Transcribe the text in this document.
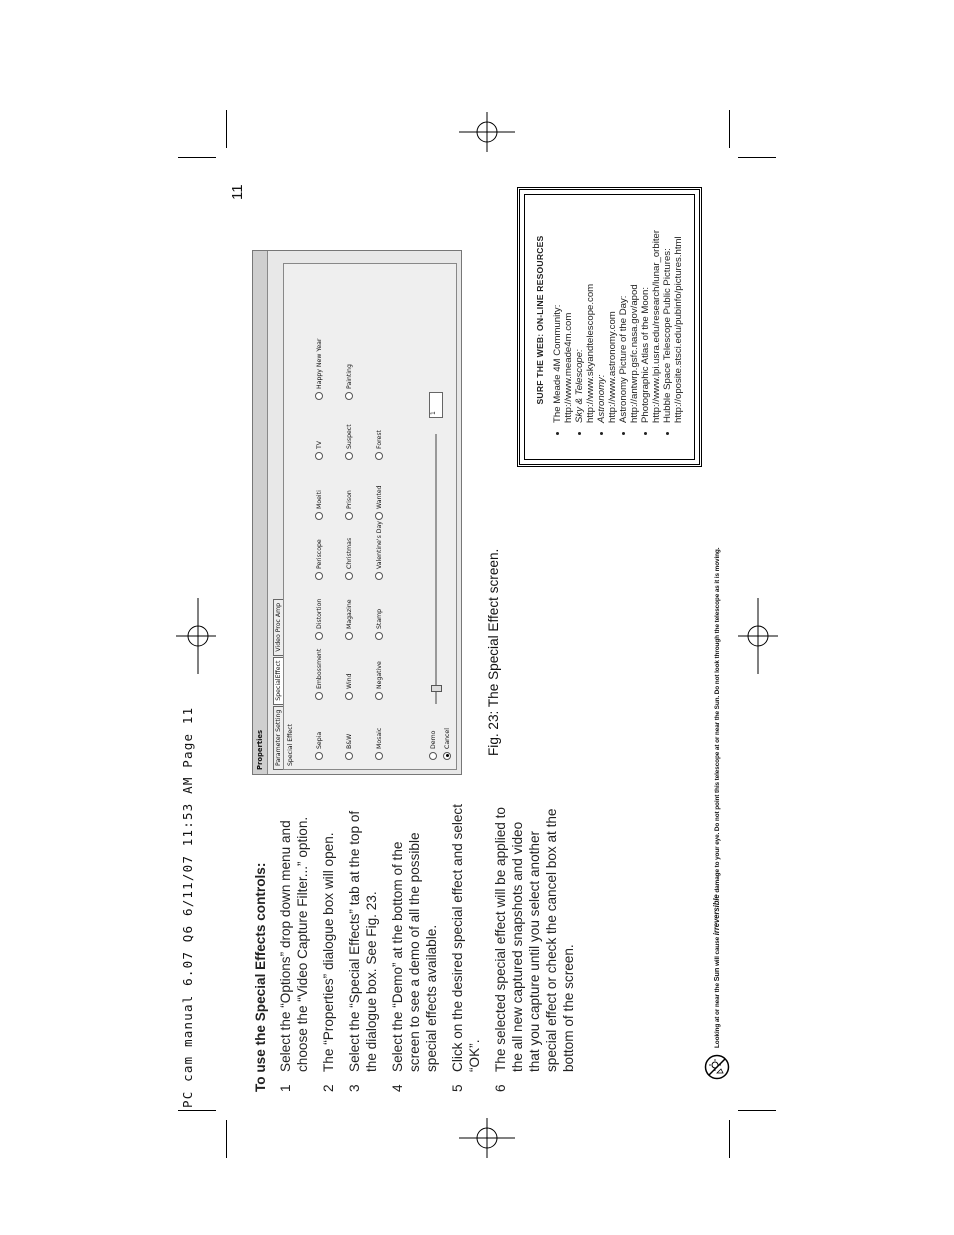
PC cam manual 6.07 Q6 6/11/07 11:53 AM Page 11
11
To use the Special Effects controls: 1
Select the “Options” drop down menu and choose the “Video Capture Filter...” option.
2
The “Properties” dialogue box will open.
3
Select the “Special Effects” tab at the top of the dialogue box. See Fig. 23.
4
Select the “Demo” at the bottom of the screen to see a demo of all the possible special effects available.
5
Click on the desired special effect and select “OK”.
6
The selected special effect will be applied to the all new captured snapshots and video that you capture until you select another special effect or check the cancel box at the bottom of the screen.
Properties	Parameter Setting
SpecialEffect
Video Proc Amp
Special Effect	Sepia	B&W	Mosaic
Embossment	Wind	Negative
Distortion	Magazine	Stamp
Periscope	Christmas	Valentine's Day
Moeiti	Prison	Wanted
TV	Suspect	Forest
Happy New Year	Painting
Demo Cancel
1
Fig. 23: The Special Effect screen.
SURF THE WEB: ON-LINE RESOURCES • The Meade 4M Community:
http://www.meade4m.com • Sky & Telescope:
http://www.skyandtelescope.com • Astronomy:
http://www.astronomy.com • Astronomy Picture of the Day:
http://antwrp.gsfc.nasa.gov/apod • Photographic Atlas of the Moon:
http://www.lpi.usra.edu/research/lunar_orbiter • Hubble Space Telescope Public Pictures:
http://oposite.stsci.edu/pubinfo/pictures.html
Looking at or near the Sun will cause irreversible damage to your eye. Do not point this telescope at or near the Sun. Do not look through the telescope as it is moving.
